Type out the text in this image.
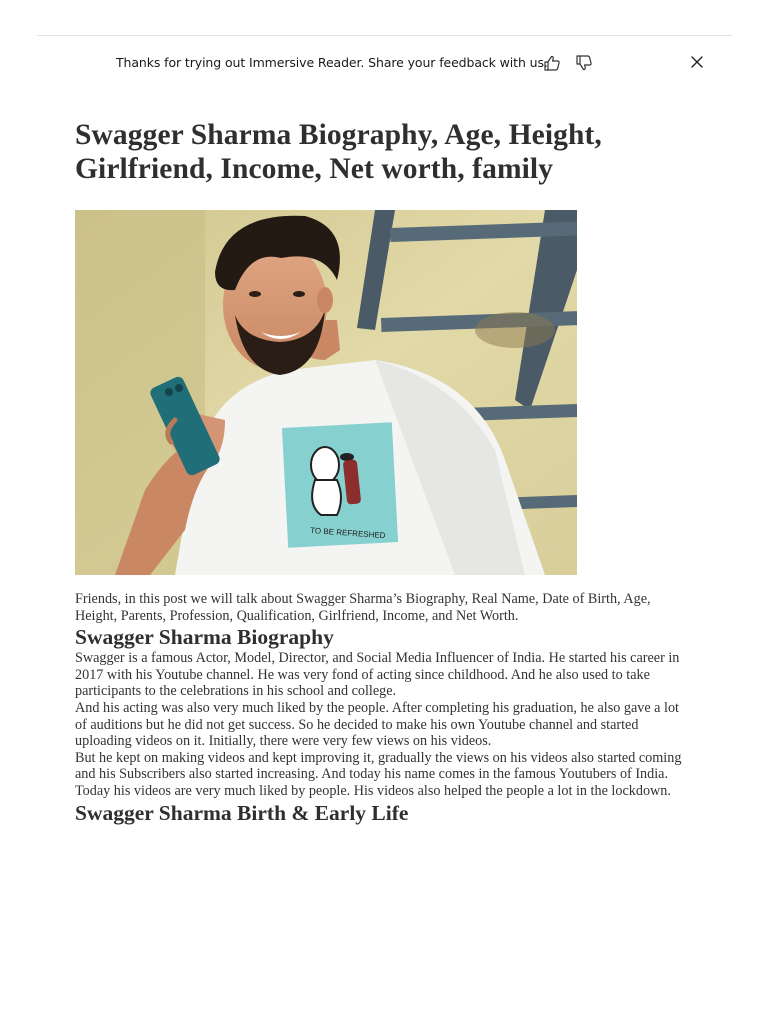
Thanks for trying out Immersive Reader. Share your feedback with us.
Swagger Sharma Biography, Age, Height, Girlfriend, Income, Net worth, family
TO BE REFRESHED

Friends, in this post we will talk about Swagger Sharma’s Biography, Real Name, Date of Birth, Age, Height, Parents, Profession, Qualification, Girlfriend, Income, and Net Worth.

Swagger Sharma Biography

Swagger is a famous Actor, Model, Director, and Social Media Influencer of India. He started his career in 2017 with his Youtube channel. He was very fond of acting since childhood. And he also used to take participants to the celebrations in his school and college.

And his acting was also very much liked by the people. After completing his graduation, he also gave a lot of auditions but he did not get success. So he decided to make his own Youtube channel and started uploading videos on it. Initially, there were very few views on his videos.

But he kept on making videos and kept improving it, gradually the views on his videos also started coming and his Subscribers also started increasing. And today his name comes in the famous Youtubers of India. Today his videos are very much liked by people. His videos also helped the people a lot in the lockdown.

Swagger Sharma Birth & Early Life
